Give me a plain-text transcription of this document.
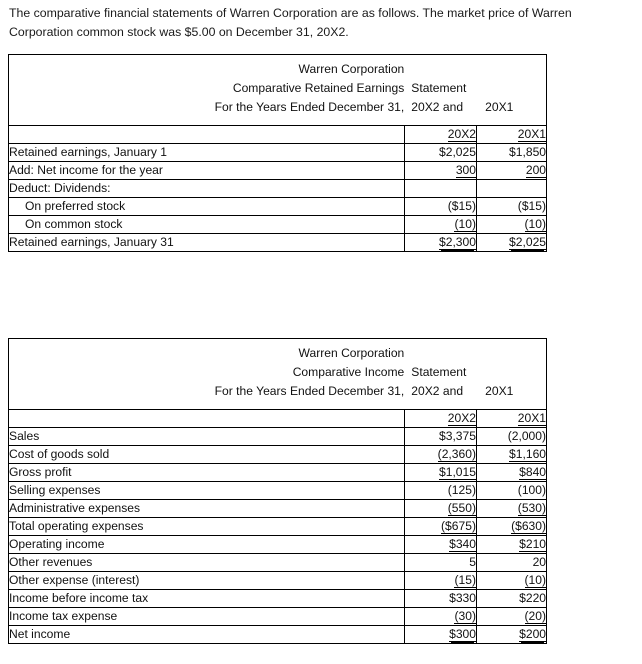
The comparative financial statements of Warren Corporation are as follows. The market price of Warren Corporation common stock was $5.00 on December 31, 20X2.
Warren Corporation
Comparative Retained Earnings Statement
For the Years Ended December 31, 20X2 and	20X1

	20X2	20X1
Retained earnings, January 1	$2,025	$1,850
Add: Net income for the year	300	200
Deduct: Dividends:		
On preferred stock	($15)	($15)
On common stock	(10)	(10)
Retained earnings, January 31	$2,300	$2,025
Warren Corporation
Comparative Income Statement
For the Years Ended December 31, 20X2 and	20X1

	20X2	20X1
Sales	$3,375	(2,000)
Cost of goods sold	(2,360)	$1,160
Gross profit	$1,015	$840
Selling expenses	(125)	(100)
Administrative expenses	(550)	(530)
Total operating expenses	($675)	($630)
Operating income	$340	$210
Other revenues	5	20
Other expense (interest)	(15)	(10)
Income before income tax	$330	$220
Income tax expense	(30)	(20)
Net income	$300	$200
